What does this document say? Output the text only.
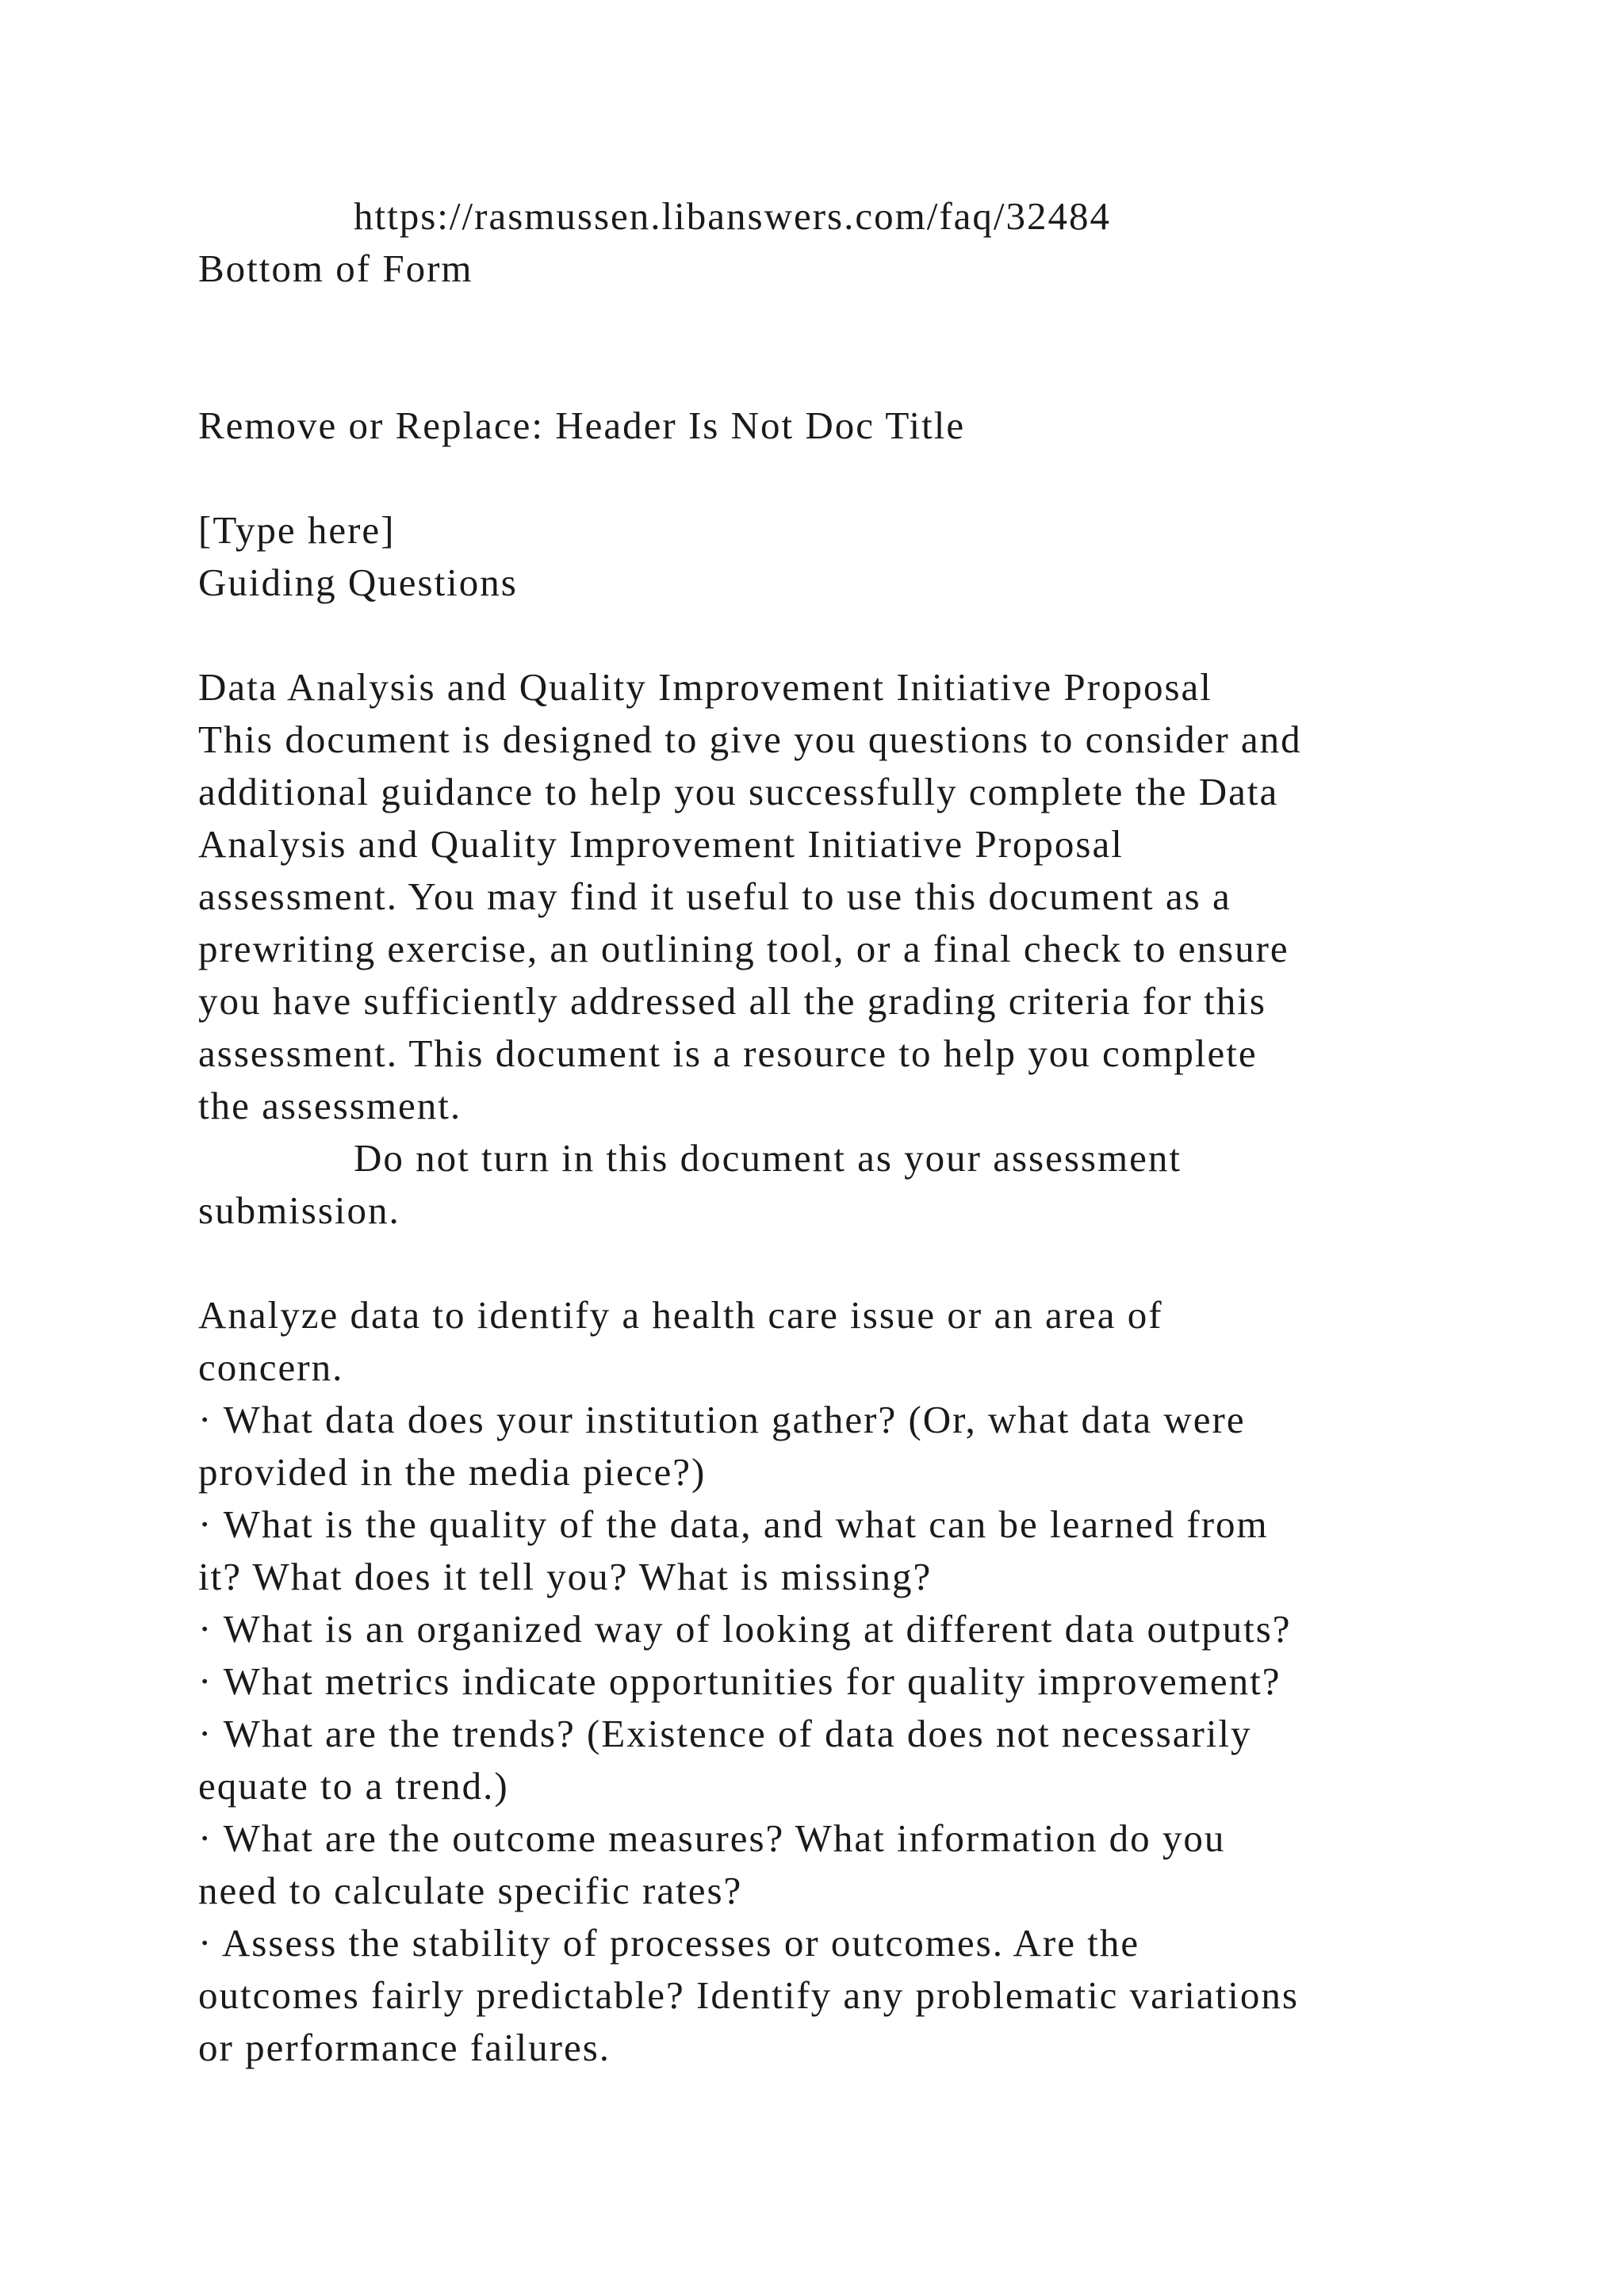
https://rasmussen.libanswers.com/faq/32484
Bottom of Form
Remove or Replace: Header Is Not Doc Title
[Type here]
Guiding Questions
Data Analysis and Quality Improvement Initiative Proposal
This document is designed to give you questions to consider and
additional guidance to help you successfully complete the Data
Analysis and Quality Improvement Initiative Proposal
assessment. You may find it useful to use this document as a
prewriting exercise, an outlining tool, or a final check to ensure
you have sufficiently addressed all the grading criteria for this
assessment. This document is a resource to help you complete
the assessment.
Do not turn in this document as your assessment
submission.
Analyze data to identify a health care issue or an area of
concern.
· What data does your institution gather? (Or, what data were
provided in the media piece?)
· What is the quality of the data, and what can be learned from
it? What does it tell you? What is missing?
· What is an organized way of looking at different data outputs?
· What metrics indicate opportunities for quality improvement?
· What are the trends? (Existence of data does not necessarily
equate to a trend.)
· What are the outcome measures? What information do you
need to calculate specific rates?
· Assess the stability of processes or outcomes. Are the
outcomes fairly predictable? Identify any problematic variations
or performance failures.
